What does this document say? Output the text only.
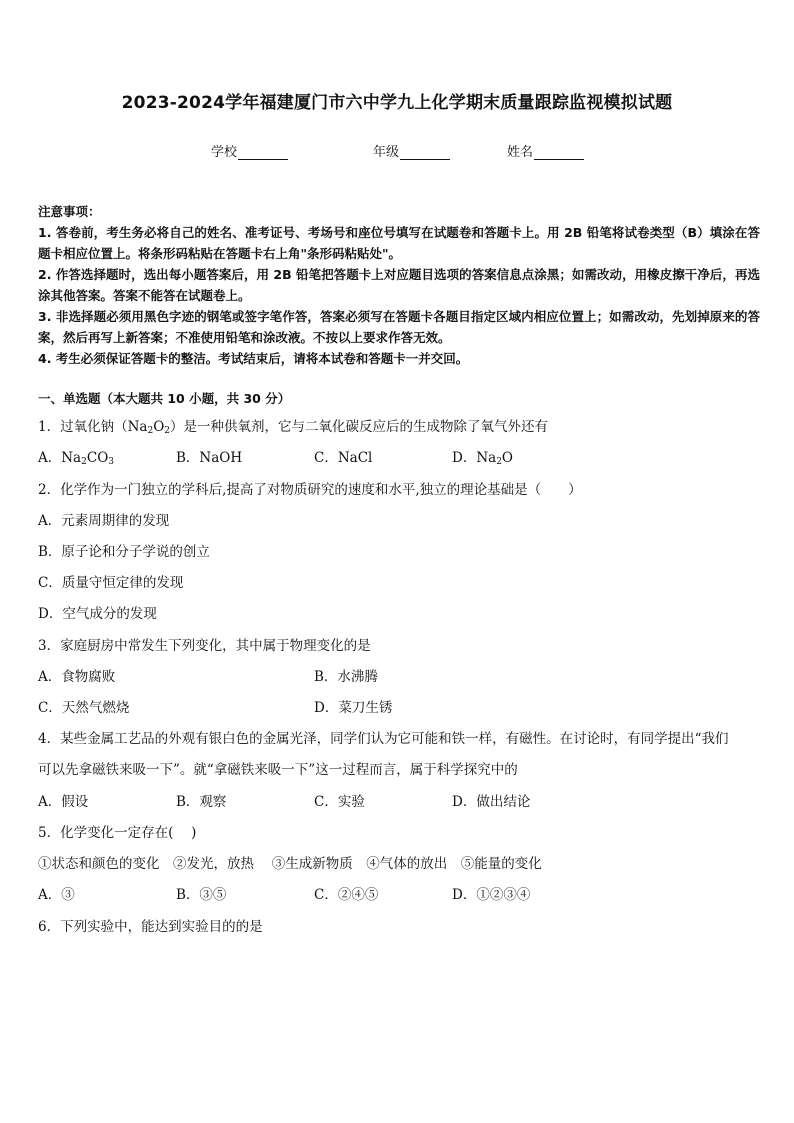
2023-2024学年福建厦门市六中学九上化学期末质量跟踪监视模拟试题
学校	年级	姓名

注意事项：

1. 答卷前，考生务必将自己的姓名、准考证号、考场号和座位号填写在试题卷和答题卡上。用 2B 铅笔将试卷类型（B）填涂在答题卡相应位置上。将条形码粘贴在答题卡右上角"条形码粘贴处"。

2. 作答选择题时，选出每小题答案后，用 2B 铅笔把答题卡上对应题目选项的答案信息点涂黑；如需改动，用橡皮擦干净后，再选涂其他答案。答案不能答在试题卷上。

3. 非选择题必须用黑色字迹的钢笔或签字笔作答，答案必须写在答题卡各题目指定区域内相应位置上；如需改动，先划掉原来的答案，然后再写上新答案；不准使用铅笔和涂改液。不按以上要求作答无效。

4. 考生必须保证答题卡的整洁。考试结束后，请将本试卷和答题卡一并交回。

一、单选题（本大题共 10 小题，共 30 分）
1．过氧化钠$(Na_2O_2)$是一种供氧剂，它与二氧化碳反应后的生成物除了氧气外还有
A．$Na_2CO_3$	B．NaOH	C．NaCl	D．$Na_2O$
2．化学作为一门独立的学科后,提高了对物质研究的速度和水平,独立的理论基础是（　　）
A．元素周期律的发现
B．原子论和分子学说的创立
C．质量守恒定律的发现
D．空气成分的发现
3．家庭厨房中常发生下列变化，其中属于物理变化的是
A．食物腐败	B．水沸腾
C．天然气燃烧	D．菜刀生锈
4．某些金属工艺品的外观有银白色的金属光泽，同学们认为它可能和铁一样，有磁性。在讨论时，有同学提出“我们
可以先拿磁铁来吸一下”。就“拿磁铁来吸一下”这一过程而言，属于科学探究中的
A．假设	B．观察	C．实验	D．做出结论
5．化学变化一定存在(　 )
①状态和颜色的变化　②发光，放热　 ③生成新物质　④气体的放出　⑤能量的变化
A．③	B．③⑤	C．②④⑤	D．①②③④
6．下列实验中，能达到实验目的的是
